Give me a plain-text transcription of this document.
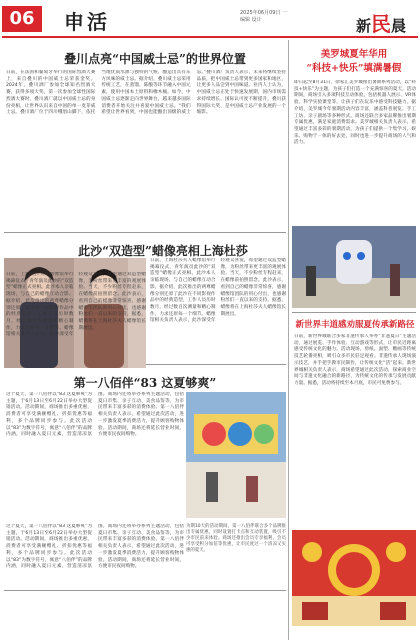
06	申活	2025年06月09日 一
编辑 设计	新民晨
叠川点亮“中国威士忌”的世界位置
日前，在法国和葡萄牙举行的国际烈酒大赛上，来自叠川的中国威士忌荣获金奖。2024年，叠川酒厂参加全球知名烈酒大赛，获得多项大奖。第一次参加全球性国际烈酒大赛时，叠川酒厂就以中国威士忌的身份亮相，让世界认识来自中国的单一麦芽威士忌。叠川酒厂位于四川峨眉山脚下，依托当地优质水源与独特的气候，酿造出具有东方风味的威士忌。据介绍，叠川威士忌采用传统工艺，在蒸馏、陈酿等环节融入中国元素，使用中国本土原料和橡木桶。如今，中国威士忌逐渐走向世界舞台，越来越多国际消费者开始关注并喜爱中国威士忌。“我们希望让世界看到，中国也能酿出顶级的威士忌。”叠川酒厂负责人表示，未来将继续坚持品质，把中国威士忌带到更多国家和地区，让更多人品尝到中国味道。业内人士认为，中国威士忌正处于快速发展期，国内市场需求持续增长，国际认可度不断提升，叠川获得国际大奖，是中国威士忌产业发展的一个缩影。
此沙“双造型”蜡像亮相上海杜莎
日前，上海杜莎夫人蜡像馆举行揭幕仪式，青年演员此沙的“双造型”蜡像正式亮相。此沙本人亲临现场，与自己的蜡像互动合影。据介绍，此次推出的两尊蜡像分别还原了此沙在不同影视作品中的经典造型，工作人员历时数月，经过数百次测量和精心制作，力求还原每一个细节。蜡像馆相关负责人表示，此沙深受年轻观众喜爱，希望通过双造型蜡像，为粉丝带来更丰富的观展体验。当天，不少粉丝专程赶来，在蜡像前拍照留念。此沙表示，看到自己的蜡像非常惊喜，感谢蜡像馆团队的用心付出，也感谢粉丝们一直以来的支持。据悉，蜡像将在上海杜莎夫人蜡像馆长期展出。
日前，上海杜莎夫人蜡像馆举行揭幕仪式，青年演员此沙的“双造型”蜡像正式亮相。此沙本人亲临现场，与自己的蜡像互动合影。据介绍，此次推出的两尊蜡像分别还原了此沙在不同影视作品中的经典造型，工作人员历时数月，经过数百次测量和精心制作，力求还原每一个细节。蜡像馆相关负责人表示，此沙深受年轻观众喜爱，希望通过双造型蜡像，为粉丝带来更丰富的观展体验。当天，不少粉丝专程赶来，在蜡像前拍照留念。此沙表示，看到自己的蜡像非常惊喜，感谢蜡像馆团队的用心付出，也感谢粉丝们一直以来的支持。据悉，蜡像将在上海杜莎夫人蜡像馆长期展出。
第一八佰伴“83 这夏够爽”
这个夏天，第一八佰伴以“83 这夏够爽”为主题，于6月13日至6月22日举办大型促销活动。活动期间，商场推出多重优惠，消费者可享受满额赠礼、折扣优惠等福利，多个品牌同步参与。此次活动以“83”为数字符号，寓意“八佰伴”的品牌内涵，同时融入夏日元素，营造清凉氛围。商场内还将举办系列主题活动，包括夏日市集、亲子互动、美食品鉴等，为市民带来丰富多彩的消费体验。第一八佰伴相关负责人表示，希望通过此次活动，进一步激发夏季消费活力，提升顾客购物体验。活动期间，商场还将延长营业时间，方便市民夜间购物。
为期10天的活动期间，第一八佰伴联合多个品牌推出专属优惠，同时设置打卡点和互动装置，吸引不少市民前来体验。商场还推出会员专享福利，会员可享受积分加倍等优惠，让市民度过一个清凉又实惠的夏天。
这个夏天，第一八佰伴以“83 这夏够爽”为主题，于6月13日至6月22日举办大型促销活动。活动期间，商场推出多重优惠，消费者可享受满额赠礼、折扣优惠等福利，多个品牌同步参与。此次活动以“83”为数字符号，寓意“八佰伴”的品牌内涵，同时融入夏日元素，营造清凉氛围。商场内还将举办系列主题活动，包括夏日市集、亲子互动、美食品鉴等，为市民带来丰富多彩的消费体验。第一八佰伴相关负责人表示，希望通过此次活动，进一步激发夏季消费活力，提升顾客购物体验。活动期间，商场还将延长营业时间，方便市民夜间购物。
美罗城夏年华用
“科技+快乐”填满暑假
即日起至8月31日，徐家汇美罗城推出暑期系列活动，以“科技+快乐”为主题，为孩子们打造一个充满惊喜的夏天。活动期间，商场引入多项科技互动体验，包括机器人展示、VR体验、科学实验课堂等，让孩子们在玩乐中感受科技魅力。据介绍，美罗城今年暑期活动内容丰富，涵盖科普展览、手工工坊、亲子剧场等多种形式。商场还联合多家品牌推出暑期专属优惠，满足家庭消费需求。美罗城相关负责人表示，希望通过丰富多彩的暑期活动，为孩子们提供一个集学习、娱乐、购物于一体的好去处，同时也进一步提升商场的人气和活力。
新世界丰道感劝服夏传承新路径
日前，新世界城联合多家非遗传承人举办“非遗夏日”主题活动，通过展览、手作体验、互动游戏等形式，让市民近距离感受传统文化的魅力。活动现场，剪纸、面塑、糖画等传统技艺轮番亮相，吸引众多市民驻足观看。非遗传承人现场演示技艺，并手把手教市民制作，让传统文化“活”起来。新世界城相关负责人表示，商场希望通过此次活动，探索商业空间与非遗文化融合的新路径，为传统文化的传承与发展贡献力量。据悉，活动将持续至本月底，市民可免费参与。
